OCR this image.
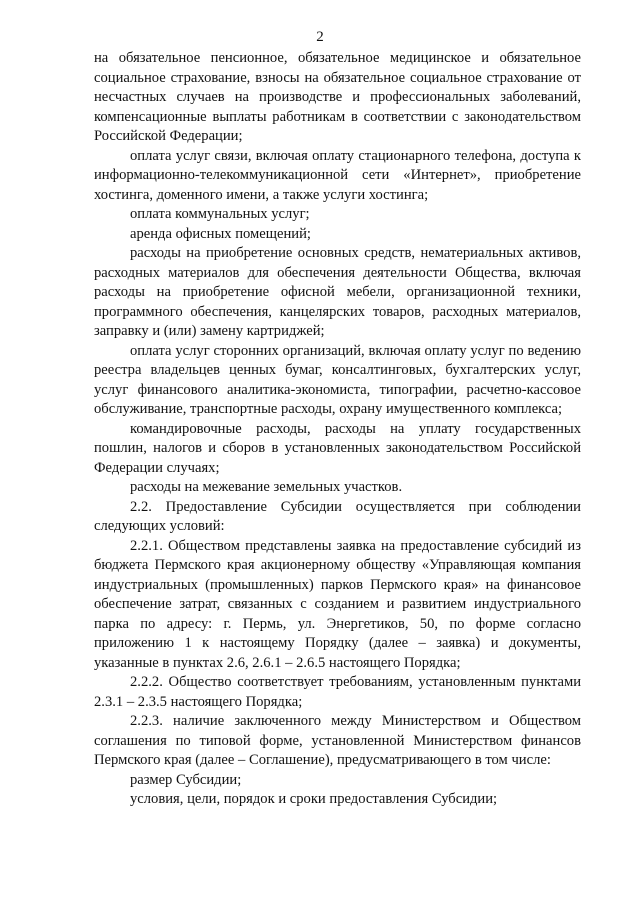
2

на обязательное пенсионное, обязательное медицинское и обязательное социальное страхование, взносы на обязательное социальное страхование от несчастных случаев на производстве и профессиональных заболеваний, компенсационные выплаты работникам в соответствии с законодательством Российской Федерации;

оплата услуг связи, включая оплату стационарного телефона, доступа к информационно-телекоммуникационной сети «Интернет», приобретение хостинга, доменного имени, а также услуги хостинга;

оплата коммунальных услуг;

аренда офисных помещений;

расходы на приобретение основных средств, нематериальных активов, расходных материалов для обеспечения деятельности Общества, включая расходы на приобретение офисной мебели, организационной техники, программного обеспечения, канцелярских товаров, расходных материалов, заправку и (или) замену картриджей;

оплата услуг сторонних организаций, включая оплату услуг по ведению реестра владельцев ценных бумаг, консалтинговых, бухгалтерских услуг, услуг финансового аналитика-экономиста, типографии, расчетно-кассовое обслуживание, транспортные расходы, охрану имущественного комплекса;

командировочные расходы, расходы на уплату государственных пошлин, налогов и сборов в установленных законодательством Российской Федерации случаях;

расходы на межевание земельных участков.

2.2. Предоставление Субсидии осуществляется при соблюдении следующих условий:

2.2.1. Обществом представлены заявка на предоставление субсидий из бюджета Пермского края акционерному обществу «Управляющая компания индустриальных (промышленных) парков Пермского края» на финансовое обеспечение затрат, связанных с созданием и развитием индустриального парка по адресу: г. Пермь, ул. Энергетиков, 50, по форме согласно приложению 1 к настоящему Порядку (далее – заявка) и документы, указанные в пунктах 2.6, 2.6.1 – 2.6.5 настоящего Порядка;

2.2.2. Общество соответствует требованиям, установленным пунктами 2.3.1 – 2.3.5 настоящего Порядка;

2.2.3. наличие заключенного между Министерством и Обществом соглашения по типовой форме, установленной Министерством финансов Пермского края (далее – Соглашение), предусматривающего в том числе:

размер Субсидии;

условия, цели, порядок и сроки предоставления Субсидии;
